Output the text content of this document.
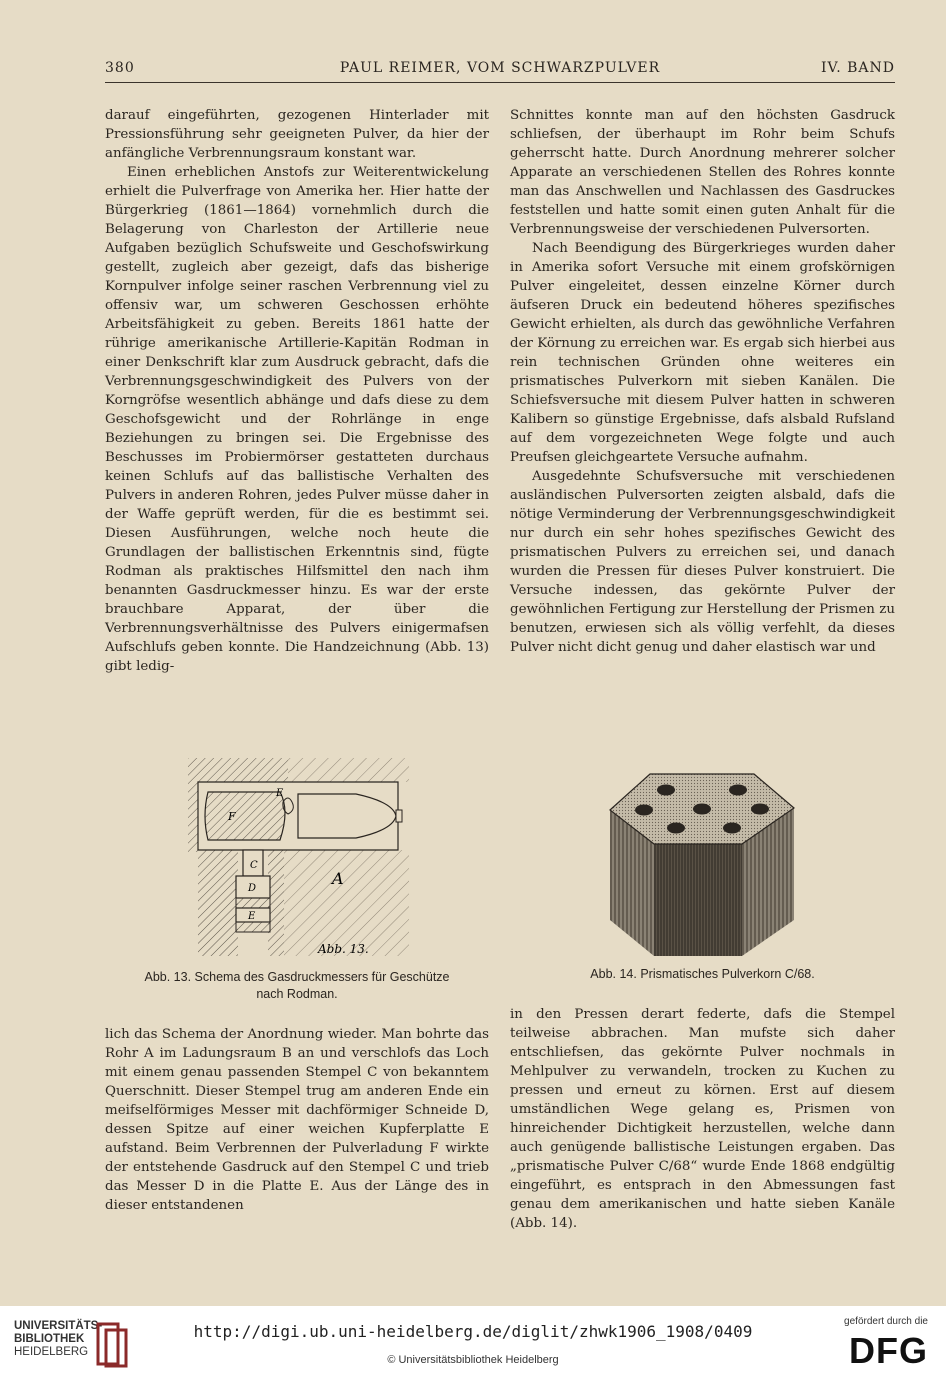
380	PAUL REIMER, VOM SCHWARZPULVER	IV. BAND

darauf eingeführten, gezogenen Hinterlader mit Pressionsführung sehr geeigneten Pulver, da hier der anfängliche Verbrennungsraum konstant war.

Einen erheblichen Anstofs zur Weiterentwickelung erhielt die Pulverfrage von Amerika her. Hier hatte der Bürgerkrieg (1861—1864) vornehmlich durch die Belagerung von Charleston der Artillerie neue Aufgaben bezüglich Schufsweite und Geschofswirkung gestellt, zugleich aber gezeigt, dafs das bisherige Kornpulver infolge seiner raschen Verbrennung viel zu offensiv war, um schweren Geschossen erhöhte Arbeitsfähigkeit zu geben. Bereits 1861 hatte der rührige amerikanische Artillerie-Kapitän Rodman in einer Denkschrift klar zum Ausdruck gebracht, dafs die Verbrennungsgeschwindigkeit des Pulvers von der Korngröfse wesentlich abhänge und dafs diese zu dem Geschofsgewicht und der Rohrlänge in enge Beziehungen zu bringen sei. Die Ergebnisse des Beschusses im Probiermörser gestatteten durchaus keinen Schlufs auf das ballistische Verhalten des Pulvers in anderen Rohren, jedes Pulver müsse daher in der Waffe geprüft werden, für die es bestimmt sei. Diesen Ausführungen, welche noch heute die Grundlagen der ballistischen Erkenntnis sind, fügte Rodman als praktisches Hilfsmittel den nach ihm benannten Gasdruckmesser hinzu. Es war der erste brauchbare Apparat, der über die Verbrennungsverhältnisse des Pulvers einigermafsen Aufschlufs geben konnte. Die Handzeichnung (Abb. 13) gibt ledig-

Schnittes konnte man auf den höchsten Gasdruck schliefsen, der überhaupt im Rohr beim Schufs geherrscht hatte. Durch Anordnung mehrerer solcher Apparate an verschiedenen Stellen des Rohres konnte man das Anschwellen und Nachlassen des Gasdruckes feststellen und hatte somit einen guten Anhalt für die Verbrennungsweise der verschiedenen Pulversorten.

Nach Beendigung des Bürgerkrieges wurden daher in Amerika sofort Versuche mit einem grofskörnigen Pulver eingeleitet, dessen einzelne Körner durch äufseren Druck ein bedeutend höheres spezifisches Gewicht erhielten, als durch das gewöhnliche Verfahren der Körnung zu erreichen war. Es ergab sich hierbei aus rein technischen Gründen ohne weiteres ein prismatisches Pulverkorn mit sieben Kanälen. Die Schiefsversuche mit diesem Pulver hatten in schweren Kalibern so günstige Ergebnisse, dafs alsbald Rufsland auf dem vorgezeichneten Wege folgte und auch Preufsen gleichgeartete Versuche aufnahm.

Ausgedehnte Schufsversuche mit verschiedenen ausländischen Pulversorten zeigten alsbald, dafs die nötige Verminderung der Verbrennungsgeschwindigkeit nur durch ein sehr hohes spezifisches Gewicht des prismatischen Pulvers zu erreichen sei, und danach wurden die Pressen für dieses Pulver konstruiert. Die Versuche indessen, das gekörnte Pulver der gewöhnlichen Fertigung zur Herstellung der Prismen zu benutzen, erwiesen sich als völlig verfehlt, da dieses Pulver nicht dicht genug und daher elastisch war und

F
E
C
D
E
A
Abb. 13.
Abb. 13. Schema des Gasdruckmessers für Geschütze
nach Rodman.
Abb. 14. Prismatisches Pulverkorn C/68.

lich das Schema der Anordnung wieder. Man bohrte das Rohr A im Ladungsraum B an und verschlofs das Loch mit einem genau passenden Stempel C von bekanntem Querschnitt. Dieser Stempel trug am anderen Ende ein meifselförmiges Messer mit dachförmiger Schneide D, dessen Spitze auf einer weichen Kupferplatte E aufstand. Beim Verbrennen der Pulverladung F wirkte der entstehende Gasdruck auf den Stempel C und trieb das Messer D in die Platte E. Aus der Länge des in dieser entstandenen

in den Pressen derart federte, dafs die Stempel teilweise abbrachen. Man mufste sich daher entschliefsen, das gekörnte Pulver nochmals in Mehlpulver zu verwandeln, trocken zu Kuchen zu pressen und erneut zu körnen. Erst auf diesem umständlichen Wege gelang es, Prismen von hinreichender Dichtigkeit herzustellen, welche dann auch genügende ballistische Leistungen ergaben. Das „prismatische Pulver C/68“ wurde Ende 1868 endgültig eingeführt, es entsprach in den Abmessungen fast genau dem amerikanischen und hatte sieben Kanäle (Abb. 14).

UNIVERSITÄTS-
BIBLIOTHEK
HEIDELBERG
http://digi.ub.uni-heidelberg.de/diglit/zhwk1906_1908/0409
© Universitätsbibliothek Heidelberg
gefördert durch die
DFG
